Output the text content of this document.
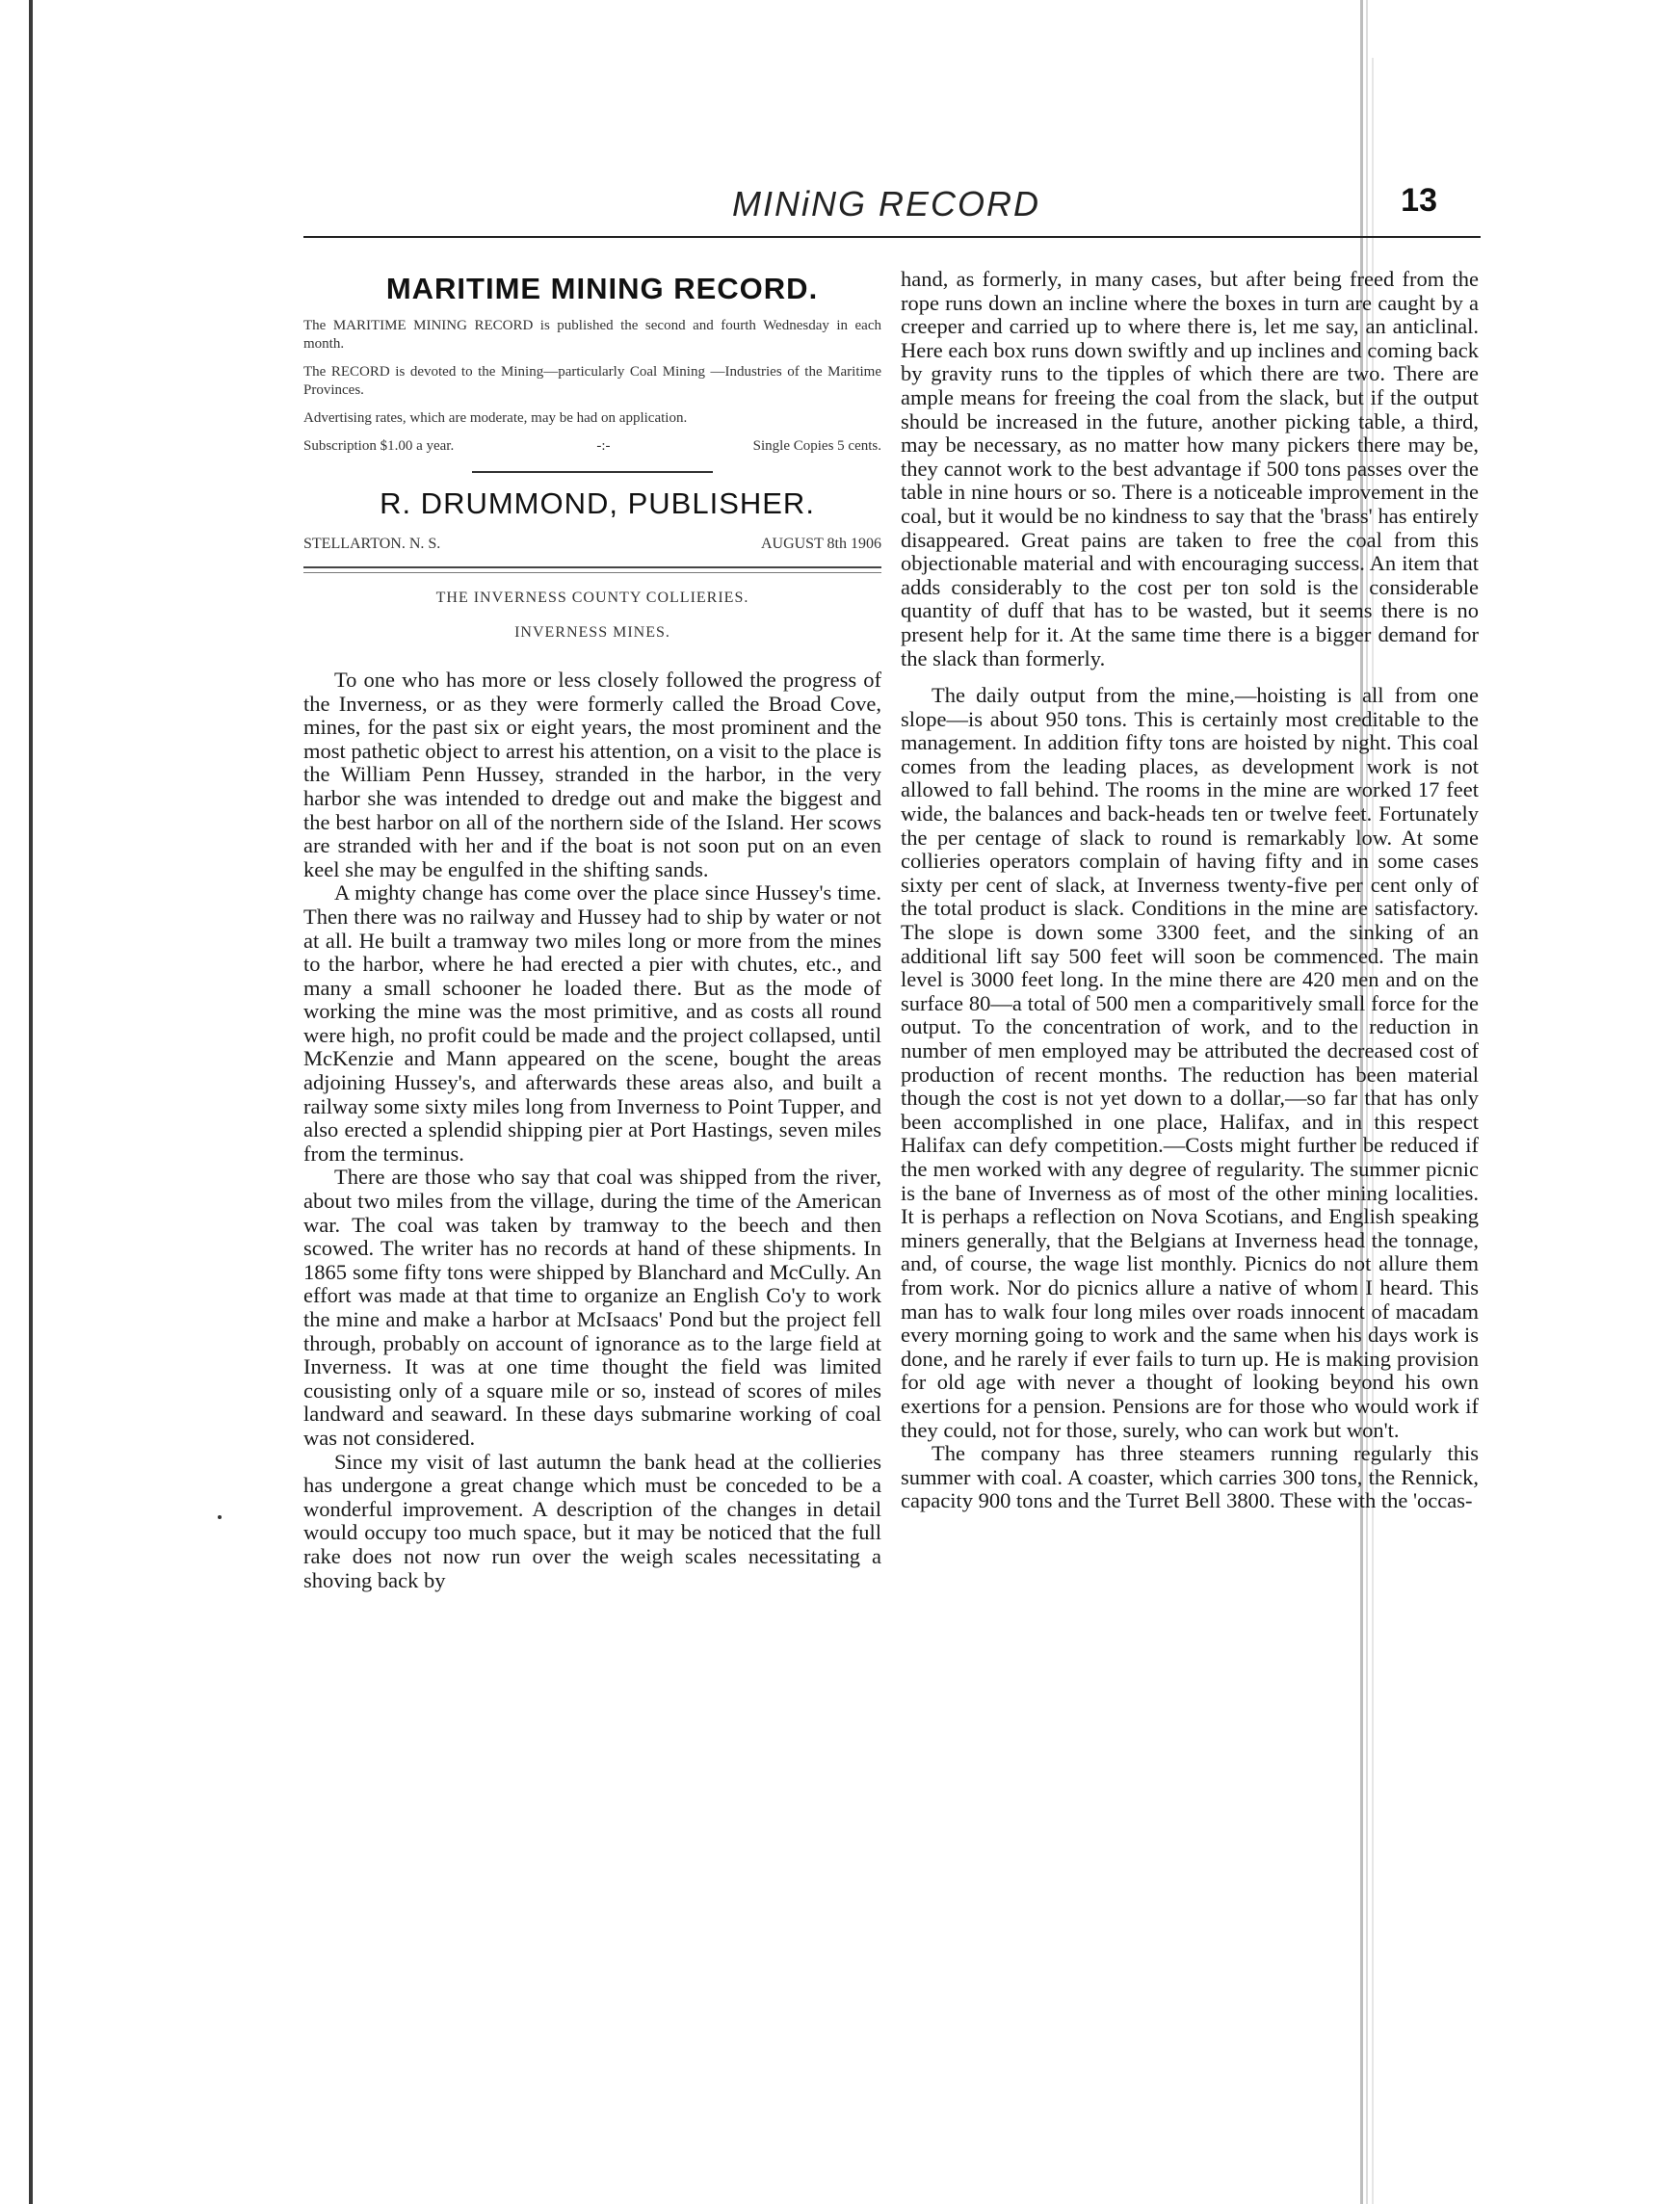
MINiNG RECORD	13
MARITIME MINING RECORD.

The MARITIME MINING RECORD is published the second and fourth Wednesday in each month.

The RECORD is devoted to the Mining—particularly Coal Mining —Industries of the Maritime Provinces.

Advertising rates, which are moderate, may be had on application.

Subscription $1.00 a year.	-:-	Single Copies 5 cents.
R. DRUMMOND, PUBLISHER.
STELLARTON. N. S.	AUGUST 8th 1906
THE INVERNESS COUNTY COLLIERIES.
INVERNESS MINES.

To one who has more or less closely followed the progress of the Inverness, or as they were formerly called the Broad Cove, mines, for the past six or eight years, the most prominent and the most pathetic object to arrest his attention, on a visit to the place is the William Penn Hussey, stranded in the harbor, in the very harbor she was intended to dredge out and make the biggest and the best harbor on all of the northern side of the Island. Her scows are stranded with her and if the boat is not soon put on an even keel she may be engulfed in the shifting sands.

A mighty change has come over the place since Hussey's time. Then there was no railway and Hussey had to ship by water or not at all. He built a tramway two miles long or more from the mines to the harbor, where he had erected a pier with chutes, etc., and many a small schooner he loaded there. But as the mode of working the mine was the most primitive, and as costs all round were high, no profit could be made and the project collapsed, until McKenzie and Mann appeared on the scene, bought the areas adjoining Hussey's, and afterwards these areas also, and built a railway some sixty miles long from Inverness to Point Tupper, and also erected a splendid shipping pier at Port Hastings, seven miles from the terminus.

There are those who say that coal was shipped from the river, about two miles from the village, during the time of the American war. The coal was taken by tramway to the beech and then scowed. The writer has no records at hand of these shipments. In 1865 some fifty tons were shipped by Blanchard and McCully. An effort was made at that time to organize an English Co'y to work the mine and make a harbor at McIsaacs' Pond but the project fell through, probably on account of ignorance as to the large field at Inverness. It was at one time thought the field was limited cousisting only of a square mile or so, instead of scores of miles landward and seaward. In these days submarine working of coal was not considered.

Since my visit of last autumn the bank head at the collieries has undergone a great change which must be conceded to be a wonderful improvement. A description of the changes in detail would occupy too much space, but it may be noticed that the full rake does not now run over the weigh scales necessitating a shoving back by

hand, as formerly, in many cases, but after being freed from the rope runs down an incline where the boxes in turn are caught by a creeper and carried up to where there is, let me say, an anticlinal. Here each box runs down swiftly and up inclines and coming back by gravity runs to the tipples of which there are two. There are ample means for freeing the coal from the slack, but if the output should be increased in the future, another picking table, a third, may be necessary, as no matter how many pickers there may be, they cannot work to the best advantage if 500 tons passes over the table in nine hours or so. There is a noticeable improvement in the coal, but it would be no kindness to say that the 'brass' has entirely disappeared. Great pains are taken to free the coal from this objectionable material and with encouraging success. An item that adds considerably to the cost per ton sold is the considerable quantity of duff that has to be wasted, but it seems there is no present help for it. At the same time there is a bigger demand for the slack than formerly.

The daily output from the mine,—hoisting is all from one slope—is about 950 tons. This is certainly most creditable to the management. In addition fifty tons are hoisted by night. This coal comes from the leading places, as development work is not allowed to fall behind. The rooms in the mine are worked 17 feet wide, the balances and back-heads ten or twelve feet. Fortunately the per centage of slack to round is remarkably low. At some collieries operators complain of having fifty and in some cases sixty per cent of slack, at Inverness twenty-five per cent only of the total product is slack. Conditions in the mine are satisfactory. The slope is down some 3300 feet, and the sinking of an additional lift say 500 feet will soon be commenced. The main level is 3000 feet long. In the mine there are 420 men and on the surface 80—a total of 500 men a comparitively small force for the output. To the concentration of work, and to the reduction in number of men employed may be attributed the decreased cost of production of recent months. The reduction has been material though the cost is not yet down to a dollar,—so far that has only been accomplished in one place, Halifax, and in this respect Halifax can defy competition.—Costs might further be reduced if the men worked with any degree of regularity. The summer picnic is the bane of Inverness as of most of the other mining localities. It is perhaps a reflection on Nova Scotians, and English speaking miners generally, that the Belgians at Inverness head the tonnage, and, of course, the wage list monthly. Picnics do not allure them from work. Nor do picnics allure a native of whom I heard. This man has to walk four long miles over roads innocent of macadam every morning going to work and the same when his days work is done, and he rarely if ever fails to turn up. He is making provision for old age with never a thought of looking beyond his own exertions for a pension. Pensions are for those who would work if they could, not for those, surely, who can work but won't.

The company has three steamers running regularly this summer with coal. A coaster, which carries 300 tons, the Rennick, capacity 900 tons and the Turret Bell 3800. These with the 'occas-
